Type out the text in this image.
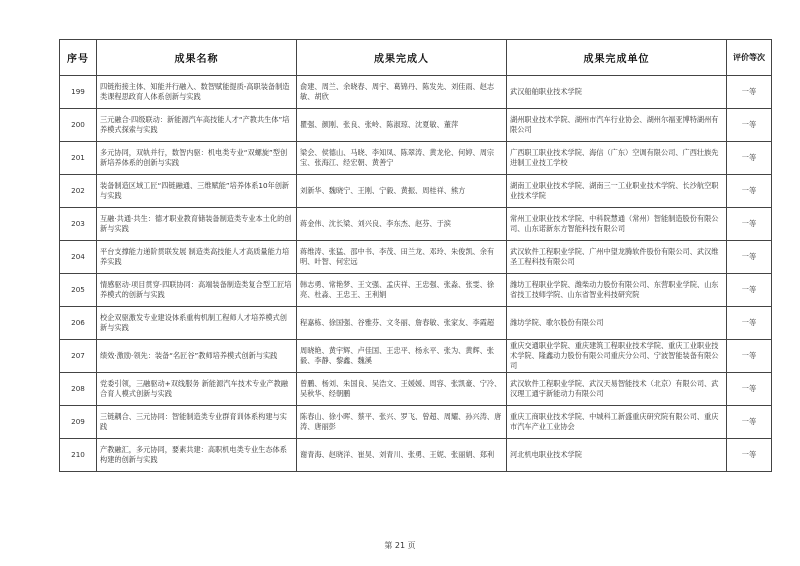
序号	成果名称	成果完成人	成果完成单位	评价等次
199	四链衔接主体、知能并行融入、数智赋能提质-高职装备制造类课程思政育人体系创新与实践	俞建、周兰、余晓春、周宇、葛锦丹、陈发先、刘佳雨、赵志敏、胡欣	武汉船舶职业技术学院	一等
200	三元融合·四级联动：新能源汽车高技能人才“产教共生体”培养模式探索与实践	瞿强、颜刚、张良、张岭、陈淑琼、沈夏敏、董萍	湖州职业技术学院、湖州市汽车行业协会、湖州尔福亚博特湖州有限公司	一等
201	多元协同，双轨并行，数智内驱：机电类专业“双螺旋”型创新培养体系的创新与实践	梁会、侯德山、马晓、李知凤、陈翠涛、黄龙伦、何婷、周宗宝、张海江、经宏朝、黄善宁	广西职工职业技术学院、海信（广东）空调有限公司、广西壮族先进制工业技工学校	一等
202	装备制造区域工匠“四链融通、三维赋能”培养体系10年创新与实践	刘新华、魏晓宁、王刚、宁毅、黄振、周桂祥、熊方	湖南工业职业技术学院、湖南三一工业职业技术学院、长沙航空职业技术学院	一等
203	互融·共通·共生：德才职业教育储装备制造类专业本土化的创新与实践	蒋金伟、沈长梁、刘兴良、李东杰、赵芬、于滨	常州工业职业技术学院、中科院慧通（常州）智能制造股份有限公司、山东诺新东方智能科技有限公司	一等
204	平台支撑能力递阶贯联发展 制造类高技能人才高质量能力培养实践	蒋维涛、张猛、邵中书、李茂、田兰龙、邓玲、朱俊凯、余有明、叶智、何宏远	武汉软件工程职业学院、广州中望龙腾软件股份有限公司、武汉维圣工程科技有限公司	一等
205	情感驱动·项目贯穿·四联协同：高端装备制造类复合型工匠培养模式的创新与实践	韩志勇、常艳梦、王文强、孟庆祥、王忠强、张淼、张雯、徐亮、杜淼、王忠王、王利娟	潍坊工程职业学院、潍柴动力股份有限公司、东营职业学院、山东省技工技师学院、山东省智业科技研究院	一等
206	校企双驱激发专业建设体系重构机制工程师人才培养模式创新与实践	程嘉栋、徐国强、谷雅芬、文冬丽、詹春敏、张家友、李霞超	潍坊学院、歌尔股份有限公司	一等
207	绩效·激励·领先：装备“名匠谷”教师培养模式创新与实践	周晓艳、黄宇辉、卢佳国、王忠平、杨永平、张为、黄辉、张毅、李静、黎鑫、魏溪	重庆交通职业学院、重庆建筑工程职业技术学院、重庆工业职业技术学院、隆鑫动力股份有限公司重庆分公司、宁波智能装备有限公司	一等
208	党委引领，三融驱动+双线服务 新能源汽车技术专业产教融合育人模式创新与实践	曾鹏、杨刘、朱国良、吴浩文、王媛媛、周容、张凯豪、宁冷、吴秋华、经朝鹏	武汉软件工程职业学院、武汉天易智能技术（北京）有限公司、武汉理工通宇新能动力有限公司	一等
209	三链耦合、三元协同：智能制造类专业群育训体系构建与实践	陈春山、徐小晖、蔡平、张兴、罗飞、曾超、周耀、孙兴涛、唐涛、唐丽彭	重庆工商职业技术学院、中城科工新盛重庆研究院有限公司、重庆市汽车产业工业协会	一等
210	产教融汇，多元协同，要素共建：高职机电类专业生态体系构建的创新与实践	谢青海、赵晓洋、崔昊、刘青川、张勇、王妮、张丽娟、郑利	河北机电职业技术学院	一等
第 21 页
